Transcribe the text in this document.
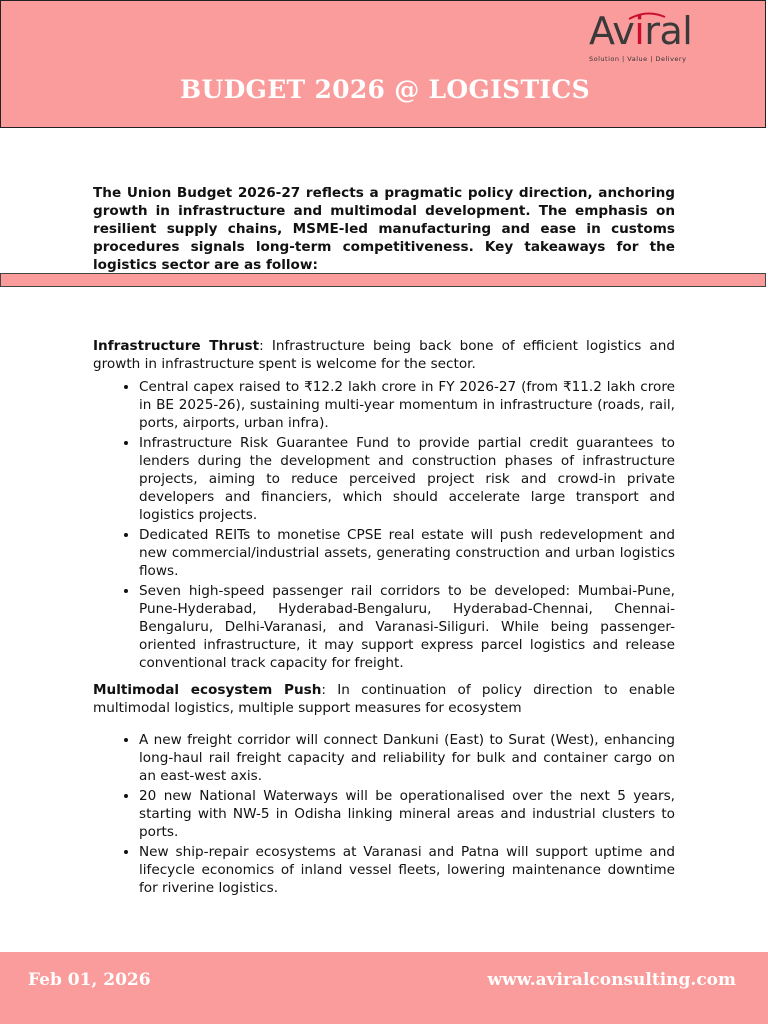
Aviral
Solution | Value | Delivery
BUDGET 2026 @ LOGISTICS

The Union Budget 2026-27 reflects a pragmatic policy direction, anchoring growth in infrastructure and multimodal development. The emphasis on resilient supply chains, MSME-led manufacturing and ease in customs procedures signals long-term competitiveness. Key takeaways for the logistics sector are as follow:

Infrastructure Thrust: Infrastructure being back bone of efficient logistics and growth in infrastructure spent is welcome for the sector.

• Central capex raised to ₹12.2 lakh crore in FY 2026-27 (from ₹11.2 lakh crore in BE 2025-26), sustaining multi-year momentum in infrastructure (roads, rail, ports, airports, urban infra).
• Infrastructure Risk Guarantee Fund to provide partial credit guarantees to lenders during the development and construction phases of infrastructure projects, aiming to reduce perceived project risk and crowd-in private developers and financiers, which should accelerate large transport and logistics projects.
• Dedicated REITs to monetise CPSE real estate will push redevelopment and new commercial/industrial assets, generating construction and urban logistics flows.
• Seven high-speed passenger rail corridors to be developed: Mumbai-Pune, Pune-Hyderabad, Hyderabad-Bengaluru, Hyderabad-Chennai, Chennai-Bengaluru, Delhi-Varanasi, and Varanasi-Siliguri. While being passenger-oriented infrastructure, it may support express parcel logistics and release conventional track capacity for freight.

Multimodal ecosystem Push: In continuation of policy direction to enable multimodal logistics, multiple support measures for ecosystem

• A new freight corridor will connect Dankuni (East) to Surat (West), enhancing long-haul rail freight capacity and reliability for bulk and container cargo on an east-west axis.
• 20 new National Waterways will be operationalised over the next 5 years, starting with NW-5 in Odisha linking mineral areas and industrial clusters to ports.
• New ship-repair ecosystems at Varanasi and Patna will support uptime and lifecycle economics of inland vessel fleets, lowering maintenance downtime for riverine logistics.
Feb 01, 2026	www.aviralconsulting.com
